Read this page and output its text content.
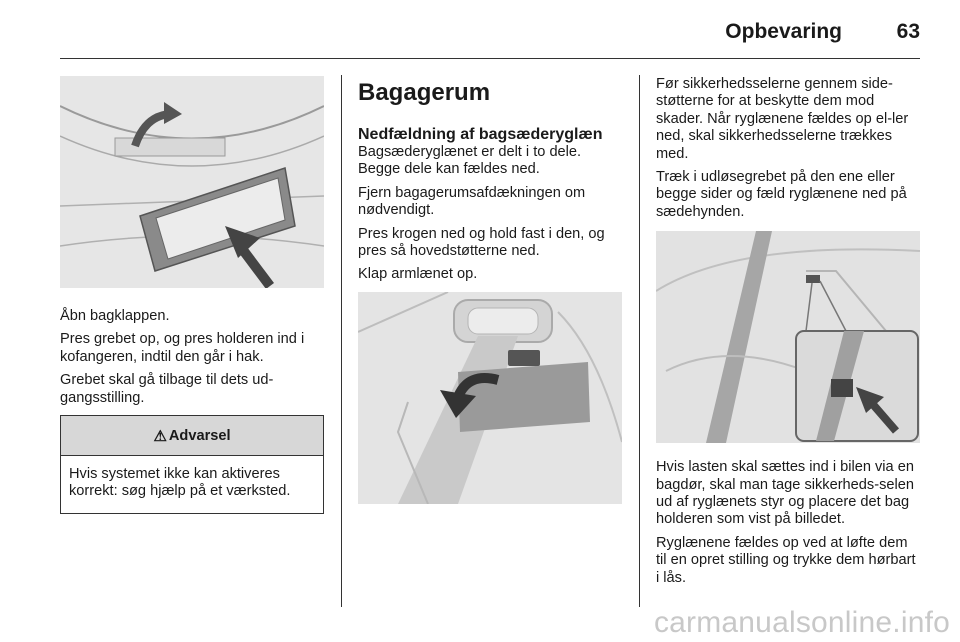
Opbevaring	63

Åbn bagklappen.

Pres grebet op, og pres holderen ind i kofangeren, indtil den går i hak.

Grebet skal gå tilbage til dets ud-gangsstilling.

⚠ Advarsel
Hvis systemet ikke kan aktiveres korrekt: søg hjælp på et værksted.
Bagagerum
Nedfældning af bagsæderyglæn

Bagsæderyglænet er delt i to dele. Begge dele kan fældes ned.

Fjern bagagerumsafdækningen om nødvendigt.

Pres krogen ned og hold fast i den, og pres så hovedstøtterne ned.

Klap armlænet op.

Før sikkerhedsselerne gennem side-støtterne for at beskytte dem mod skader. Når ryglænene fældes op el-ler ned, skal sikkerhedsselerne trækkes med.

Træk i udløsegrebet på den ene eller begge sider og fæld ryglænene ned på sædehynden.

Hvis lasten skal sættes ind i bilen via en bagdør, skal man tage sikkerheds-selen ud af ryglænets styr og placere det bag holderen som vist på billedet.

Ryglænene fældes op ved at løfte dem til en opret stilling og trykke dem hørbart i lås.

carmanualsonline.info
